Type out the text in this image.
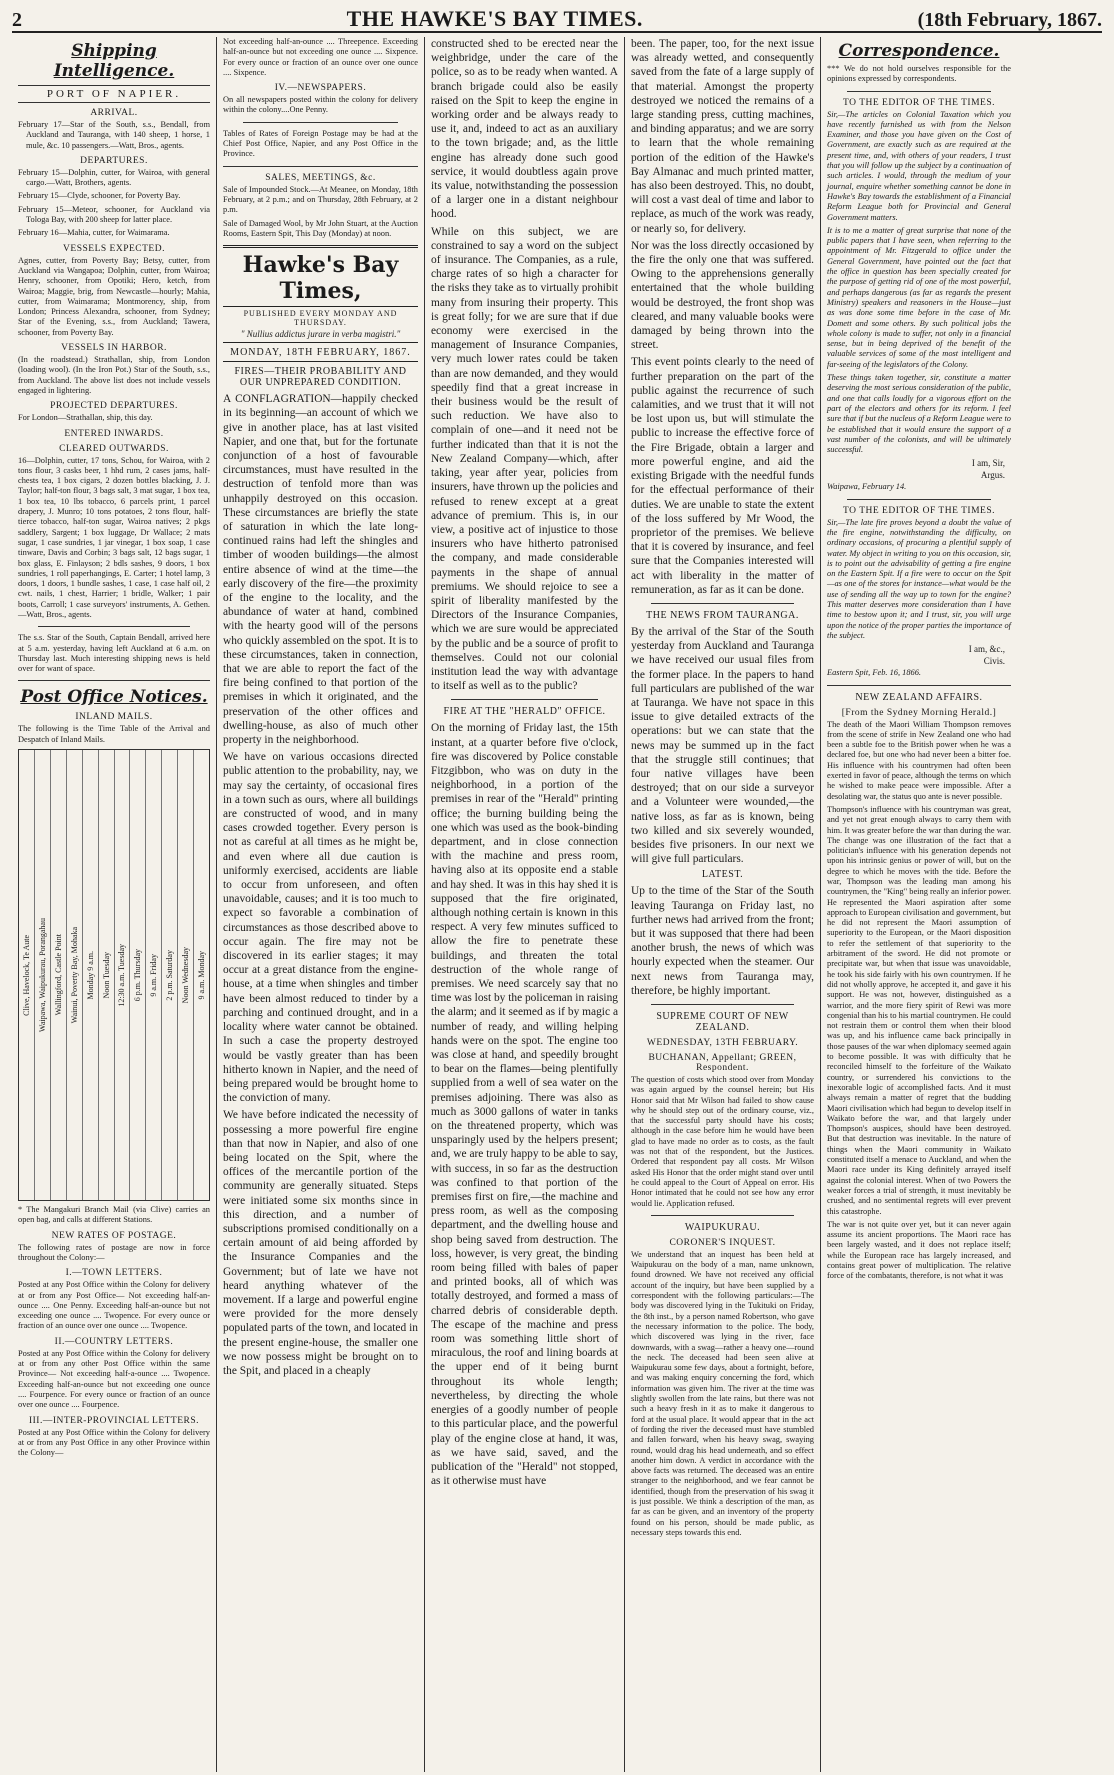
2	THE HAWKE'S BAY TIMES.	(18th February, 1867.
Shipping Intelligence.
PORT OF NAPIER.
ARRIVAL.

February 17—Star of the South, s.s., Bendall, from Auckland and Tauranga, with 140 sheep, 1 horse, 1 mule, &c. 10 passengers.—Watt, Bros., agents.

DEPARTURES.

February 15—Dolphin, cutter, for Wairoa, with general cargo.—Watt, Brothers, agents.

February 15—Clyde, schooner, for Poverty Bay.

February 15—Meteor, schooner, for Auckland via Tologa Bay, with 200 sheep for latter place.

February 16—Mahia, cutter, for Waimarama.

VESSELS EXPECTED.

Agnes, cutter, from Poverty Bay; Betsy, cutter, from Auckland via Wangapoa; Dolphin, cutter, from Wairoa; Henry, schooner, from Opotiki; Hero, ketch, from Wairoa; Maggie, brig, from Newcastle—hourly; Mahia, cutter, from Waimarama; Montmorency, ship, from London; Princess Alexandra, schooner, from Sydney; Star of the Evening, s.s., from Auckland; Tawera, schooner, from Poverty Bay.

VESSELS IN HARBOR.

(In the roadstead.) Strathallan, ship, from London (loading wool). (In the Iron Pot.) Star of the South, s.s., from Auckland. The above list does not include vessels engaged in lightering.

PROJECTED DEPARTURES.

For London—Strathallan, ship, this day.

ENTERED INWARDS.
CLEARED OUTWARDS.

16—Dolphin, cutter, 17 tons, Schou, for Wairoa, with 2 tons flour, 3 casks beer, 1 hhd rum, 2 cases jams, half-chests tea, 1 box cigars, 2 dozen bottles blacking, J. J. Taylor; half-ton flour, 3 bags salt, 3 mat sugar, 1 box tea, 1 box tea, 10 lbs tobacco, 6 parcels print, 1 parcel drapery, J. Munro; 10 tons potatoes, 2 tons flour, half-tierce tobacco, half-ton sugar, Wairoa natives; 2 pkgs saddlery, Sargent; 1 box luggage, Dr Wallace; 2 mats sugar, 1 case sundries, 1 jar vinegar, 1 box soap, 1 case tinware, Davis and Corbin; 3 bags salt, 12 bags sugar, 1 box glass, E. Finlayson; 2 bdls sashes, 9 doors, 1 box sundries, 1 roll paperhangings, E. Carter; 1 hotel lamp, 3 doors, 1 doors, 1 bundle sashes, 1 case, 1 case half oil, 2 cwt. nails, 1 chest, Harrier; 1 bridle, Walker; 1 pair boots, Carroll; 1 case surveyors' instruments, A. Gethen.—Watt, Bros., agents.

The s.s. Star of the South, Captain Bendall, arrived here at 5 a.m. yesterday, having left Auckland at 6 a.m. on Thursday last. Much interesting shipping news is held over for want of space.

Post Office Notices.
INLAND MAILS.

The following is the Time Table of the Arrival and Despatch of Inland Mails.

Clive, Havelock, Te Aute Waipawa, Waipukurau, Porangahau Wallingford, Castle Point Wainui, Poverty Bay, Mohaka Monday 9 a.m. Noon Tuesday 12:30 a.m. Tuesday 6 p.m. Thursday 9 a.m. Friday 2 p.m. Saturday Noon Wednesday 9 a.m. Monday

* The Mangakuri Branch Mail (via Clive) carries an open bag, and calls at different Stations.

NEW RATES OF POSTAGE.

The following rates of postage are now in force throughout the Colony:—

I.—TOWN LETTERS.

Posted at any Post Office within the Colony for delivery at or from any Post Office— Not exceeding half-an-ounce .... One Penny. Exceeding half-an-ounce but not exceeding one ounce .... Twopence. For every ounce or fraction of an ounce over one ounce .... Twopence.

II.—COUNTRY LETTERS.

Posted at any Post Office within the Colony for delivery at or from any other Post Office within the same Province— Not exceeding half-a-ounce .... Twopence. Exceeding half-an-ounce but not exceeding one ounce .... Fourpence. For every ounce or fraction of an ounce over one ounce .... Fourpence.

III.—INTER-PROVINCIAL LETTERS.

Posted at any Post Office within the Colony for delivery at or from any Post Office in any other Province within the Colony—

Not exceeding half-an-ounce .... Threepence. Exceeding half-an-ounce but not exceeding one ounce .... Sixpence. For every ounce or fraction of an ounce over one ounce .... Sixpence.

IV.—NEWSPAPERS.

On all newspapers posted within the colony for delivery within the colony....One Penny.

Tables of Rates of Foreign Postage may be had at the Chief Post Office, Napier, and any Post Office in the Province.

SALES, MEETINGS, &c.

Sale of Impounded Stock.—At Meanee, on Monday, 18th February, at 2 p.m.; and on Thursday, 28th February, at 2 p.m.

Sale of Damaged Wool, by Mr John Stuart, at the Auction Rooms, Eastern Spit, This Day (Monday) at noon.

Hawke's Bay Times,
PUBLISHED EVERY MONDAY AND THURSDAY.
" Nullius addictus jurare in verba magistri."
MONDAY, 18TH FEBRUARY, 1867.
FIRES—THEIR PROBABILITY AND OUR UNPREPARED CONDITION.

A CONFLAGRATION—happily checked in its beginning—an account of which we give in another place, has at last visited Napier, and one that, but for the fortunate conjunction of a host of favourable circumstances, must have resulted in the destruction of tenfold more than was unhappily destroyed on this occasion. These circumstances are briefly the state of saturation in which the late long-continued rains had left the shingles and timber of wooden buildings—the almost entire absence of wind at the time—the early discovery of the fire—the proximity of the engine to the locality, and the abundance of water at hand, combined with the hearty good will of the persons who quickly assembled on the spot. It is to these circumstances, taken in connection, that we are able to report the fact of the fire being confined to that portion of the premises in which it originated, and the preservation of the other offices and dwelling-house, as also of much other property in the neighborhood.

We have on various occasions directed public attention to the probability, nay, we may say the certainty, of occasional fires in a town such as ours, where all buildings are constructed of wood, and in many cases crowded together. Every person is not as careful at all times as he might be, and even where all due caution is uniformly exercised, accidents are liable to occur from unforeseen, and often unavoidable, causes; and it is too much to expect so favorable a combination of circumstances as those described above to occur again. The fire may not be discovered in its earlier stages; it may occur at a great distance from the engine-house, at a time when shingles and timber have been almost reduced to tinder by a parching and continued drought, and in a locality where water cannot be obtained. In such a case the property destroyed would be vastly greater than has been hitherto known in Napier, and the need of being prepared would be brought home to the conviction of many.

We have before indicated the necessity of possessing a more powerful fire engine than that now in Napier, and also of one being located on the Spit, where the offices of the mercantile portion of the community are generally situated. Steps were initiated some six months since in this direction, and a number of subscriptions promised conditionally on a certain amount of aid being afforded by the Insurance Companies and the Government; but of late we have not heard anything whatever of the movement. If a large and powerful engine were provided for the more densely populated parts of the town, and located in the present engine-house, the smaller one we now possess might be brought on to the Spit, and placed in a cheaply

constructed shed to be erected near the weighbridge, under the care of the police, so as to be ready when wanted. A branch brigade could also be easily raised on the Spit to keep the engine in working order and be always ready to use it, and, indeed to act as an auxiliary to the town brigade; and, as the little engine has already done such good service, it would doubtless again prove its value, notwithstanding the possession of a larger one in a distant neighbour hood.

While on this subject, we are constrained to say a word on the subject of insurance. The Companies, as a rule, charge rates of so high a character for the risks they take as to virtually prohibit many from insuring their property. This is great folly; for we are sure that if due economy were exercised in the management of Insurance Companies, very much lower rates could be taken than are now demanded, and they would speedily find that a great increase in their business would be the result of such reduction. We have also to complain of one—and it need not be further indicated than that it is not the New Zealand Company—which, after taking, year after year, policies from insurers, have thrown up the policies and refused to renew except at a great advance of premium. This is, in our view, a positive act of injustice to those insurers who have hitherto patronised the company, and made considerable payments in the shape of annual premiums. We should rejoice to see a spirit of liberality manifested by the Directors of the Insurance Companies, which we are sure would be appreciated by the public and be a source of profit to themselves. Could not our colonial institution lead the way with advantage to itself as well as to the public?

FIRE AT THE "HERALD" OFFICE.

On the morning of Friday last, the 15th instant, at a quarter before five o'clock, fire was discovered by Police constable Fitzgibbon, who was on duty in the neighborhood, in a portion of the premises in rear of the "Herald" printing office; the burning building being the one which was used as the book-binding department, and in close connection with the machine and press room, having also at its opposite end a stable and hay shed. It was in this hay shed it is supposed that the fire originated, although nothing certain is known in this respect. A very few minutes sufficed to allow the fire to penetrate these buildings, and threaten the total destruction of the whole range of premises. We need scarcely say that no time was lost by the policeman in raising the alarm; and it seemed as if by magic a number of ready, and willing helping hands were on the spot. The engine too was close at hand, and speedily brought to bear on the flames—being plentifully supplied from a well of sea water on the premises adjoining. There was also as much as 3000 gallons of water in tanks on the threatened property, which was unsparingly used by the helpers present; and, we are truly happy to be able to say, with success, in so far as the destruction was confined to that portion of the premises first on fire,—the machine and press room, as well as the composing department, and the dwelling house and shop being saved from destruction. The loss, however, is very great, the binding room being filled with bales of paper and printed books, all of which was totally destroyed, and formed a mass of charred debris of considerable depth. The escape of the machine and press room was something little short of miraculous, the roof and lining boards at the upper end of it being burnt throughout its whole length; nevertheless, by directing the whole energies of a goodly number of people to this particular place, and the powerful play of the engine close at hand, it was, as we have said, saved, and the publication of the "Herald" not stopped, as it otherwise must have

been. The paper, too, for the next issue was already wetted, and consequently saved from the fate of a large supply of that material. Amongst the property destroyed we noticed the remains of a large standing press, cutting machines, and binding apparatus; and we are sorry to learn that the whole remaining portion of the edition of the Hawke's Bay Almanac and much printed matter, has also been destroyed. This, no doubt, will cost a vast deal of time and labor to replace, as much of the work was ready, or nearly so, for delivery.

Nor was the loss directly occasioned by the fire the only one that was suffered. Owing to the apprehensions generally entertained that the whole building would be destroyed, the front shop was cleared, and many valuable books were damaged by being thrown into the street.

This event points clearly to the need of further preparation on the part of the public against the recurrence of such calamities, and we trust that it will not be lost upon us, but will stimulate the public to increase the effective force of the Fire Brigade, obtain a larger and more powerful engine, and aid the existing Brigade with the needful funds for the effectual performance of their duties. We are unable to state the extent of the loss suffered by Mr Wood, the proprietor of the premises. We believe that it is covered by insurance, and feel sure that the Companies interested will act with liberality in the matter of remuneration, as far as it can be done.

THE NEWS FROM TAURANGA.

By the arrival of the Star of the South yesterday from Auckland and Tauranga we have received our usual files from the former place. In the papers to hand full particulars are published of the war at Tauranga. We have not space in this issue to give detailed extracts of the operations: but we can state that the news may be summed up in the fact that the struggle still continues; that four native villages have been destroyed; that on our side a surveyor and a Volunteer were wounded,—the native loss, as far as is known, being two killed and six severely wounded, besides five prisoners. In our next we will give full particulars.

LATEST.

Up to the time of the Star of the South leaving Tauranga on Friday last, no further news had arrived from the front; but it was supposed that there had been another brush, the news of which was hourly expected when the steamer. Our next news from Tauranga may, therefore, be highly important.

SUPREME COURT OF NEW ZEALAND.
WEDNESDAY, 13TH FEBRUARY.
BUCHANAN, Appellant; GREEN, Respondent.

The question of costs which stood over from Monday was again argued by the counsel herein; but His Honor said that Mr Wilson had failed to show cause why he should step out of the ordinary course, viz., that the successful party should have his costs; although in the case before him he would have been glad to have made no order as to costs, as the fault was not that of the respondent, but the Justices. Ordered that respondent pay all costs. Mr Wilson asked His Honor that the order might stand over until he could appeal to the Court of Appeal on error. His Honor intimated that he could not see how any error would lie. Application refused.

WAIPUKURAU.
CORONER'S INQUEST.

We understand that an inquest has been held at Waipukurau on the body of a man, name unknown, found drowned. We have not received any official account of the inquiry, but have been supplied by a correspondent with the following particulars:—The body was discovered lying in the Tukituki on Friday, the 8th inst., by a person named Robertson, who gave the necessary information to the police. The body, which discovered was lying in the river, face downwards, with a swag—rather a heavy one—round the neck. The deceased had been seen alive at Waipukurau some few days, about a fortnight, before, and was making enquiry concerning the ford, which information was given him. The river at the time was slightly swollen from the late rains, but there was not such a heavy fresh in it as to make it dangerous to ford at the usual place. It would appear that in the act of fording the river the deceased must have stumbled and fallen forward, when his heavy swag, swaying round, would drag his head underneath, and so effect another him down. A verdict in accordance with the above facts was returned. The deceased was an entire stranger to the neighborhood, and we fear cannot be identified, though from the preservation of his swag it is just possible. We think a description of the man, as far as can be given, and an inventory of the property found on his person, should be made public, as necessary steps towards this end.

Correspondence.

*** We do not hold ourselves responsible for the opinions expressed by correspondents.

TO THE EDITOR OF THE TIMES.

Sir,—The articles on Colonial Taxation which you have recently furnished us with from the Nelson Examiner, and those you have given on the Cost of Government, are exactly such as are required at the present time, and, with others of your readers, I trust that you will follow up the subject by a continuation of such articles. I would, through the medium of your journal, enquire whether something cannot be done in Hawke's Bay towards the establishment of a Financial Reform League both for Provincial and General Government matters.

It is to me a matter of great surprise that none of the public papers that I have seen, when referring to the appointment of Mr. Fitzgerald to office under the General Government, have pointed out the fact that the office in question has been specially created for the purpose of getting rid of one of the most powerful, and perhaps dangerous (as far as regards the present Ministry) speakers and reasoners in the House—just as was done some time before in the case of Mr. Domett and some others. By such political jobs the whole colony is made to suffer, not only in a financial sense, but in being deprived of the benefit of the valuable services of some of the most intelligent and far-seeing of the legislators of the Colony.

These things taken together, sir, constitute a matter deserving the most serious consideration of the public, and one that calls loudly for a vigorous effort on the part of the electors and others for its reform. I feel sure that if but the nucleus of a Reform League were to be established that it would ensure the support of a vast number of the colonists, and will be ultimately successful.

I am, Sir,
Argus.

Waipawa, February 14.

TO THE EDITOR OF THE TIMES.

Sir,—The late fire proves beyond a doubt the value of the fire engine, notwithstanding the difficulty, on ordinary occasions, of procuring a plentiful supply of water. My object in writing to you on this occasion, sir, is to point out the advisability of getting a fire engine on the Eastern Spit. If a fire were to occur on the Spit—as one of the stores for instance—what would be the use of sending all the way up to town for the engine? This matter deserves more consideration than I have time to bestow upon it; and I trust, sir, you will urge upon the notice of the proper parties the importance of the subject.

I am, &c.,
Civis.

Eastern Spit, Feb. 16, 1866.

NEW ZEALAND AFFAIRS.
[From the Sydney Morning Herald.]

The death of the Maori William Thompson removes from the scene of strife in New Zealand one who had been a subtle foe to the British power when he was a declared foe, but one who had never been a bitter foe. His influence with his countrymen had often been exerted in favor of peace, although the terms on which he wished to make peace were impossible. After a desolating war, the status quo ante is never possible.

Thompson's influence with his countryman was great, and yet not great enough always to carry them with him. It was greater before the war than during the war. The change was one illustration of the fact that a politician's influence with his generation depends not upon his intrinsic genius or power of will, but on the degree to which he moves with the tide. Before the war, Thompson was the leading man among his countrymen, the "King" being really an inferior power. He represented the Maori aspiration after some approach to European civilisation and government, but he did not represent the Maori assumption of superiority to the European, or the Maori disposition to refer the settlement of that superiority to the arbitrament of the sword. He did not promote or precipitate war, but when that issue was unavoidable, he took his side fairly with his own countrymen. If he did not wholly approve, he accepted it, and gave it his support. He was not, however, distinguished as a warrior, and the more fiery spirit of Rewi was more congenial than his to his martial countrymen. He could not restrain them or control them when their blood was up, and his influence came back principally in those pauses of the war when diplomacy seemed again to become possible. It was with difficulty that he reconciled himself to the forfeiture of the Waikato country, or surrendered his convictions to the inexorable logic of accomplished facts. And it must always remain a matter of regret that the budding Maori civilisation which had begun to develop itself in Waikato before the war, and that largely under Thompson's auspices, should have been destroyed. But that destruction was inevitable. In the nature of things when the Maori community in Waikato constituted itself a menace to Auckland, and when the Maori race under its King definitely arrayed itself against the colonial interest. When of two Powers the weaker forces a trial of strength, it must inevitably be crushed, and no sentimental regrets will ever prevent this catastrophe.

The war is not quite over yet, but it can never again assume its ancient proportions. The Maori race has been largely wasted, and it does not replace itself; while the European race has largely increased, and contains great power of multiplication. The relative force of the combatants, therefore, is not what it was
